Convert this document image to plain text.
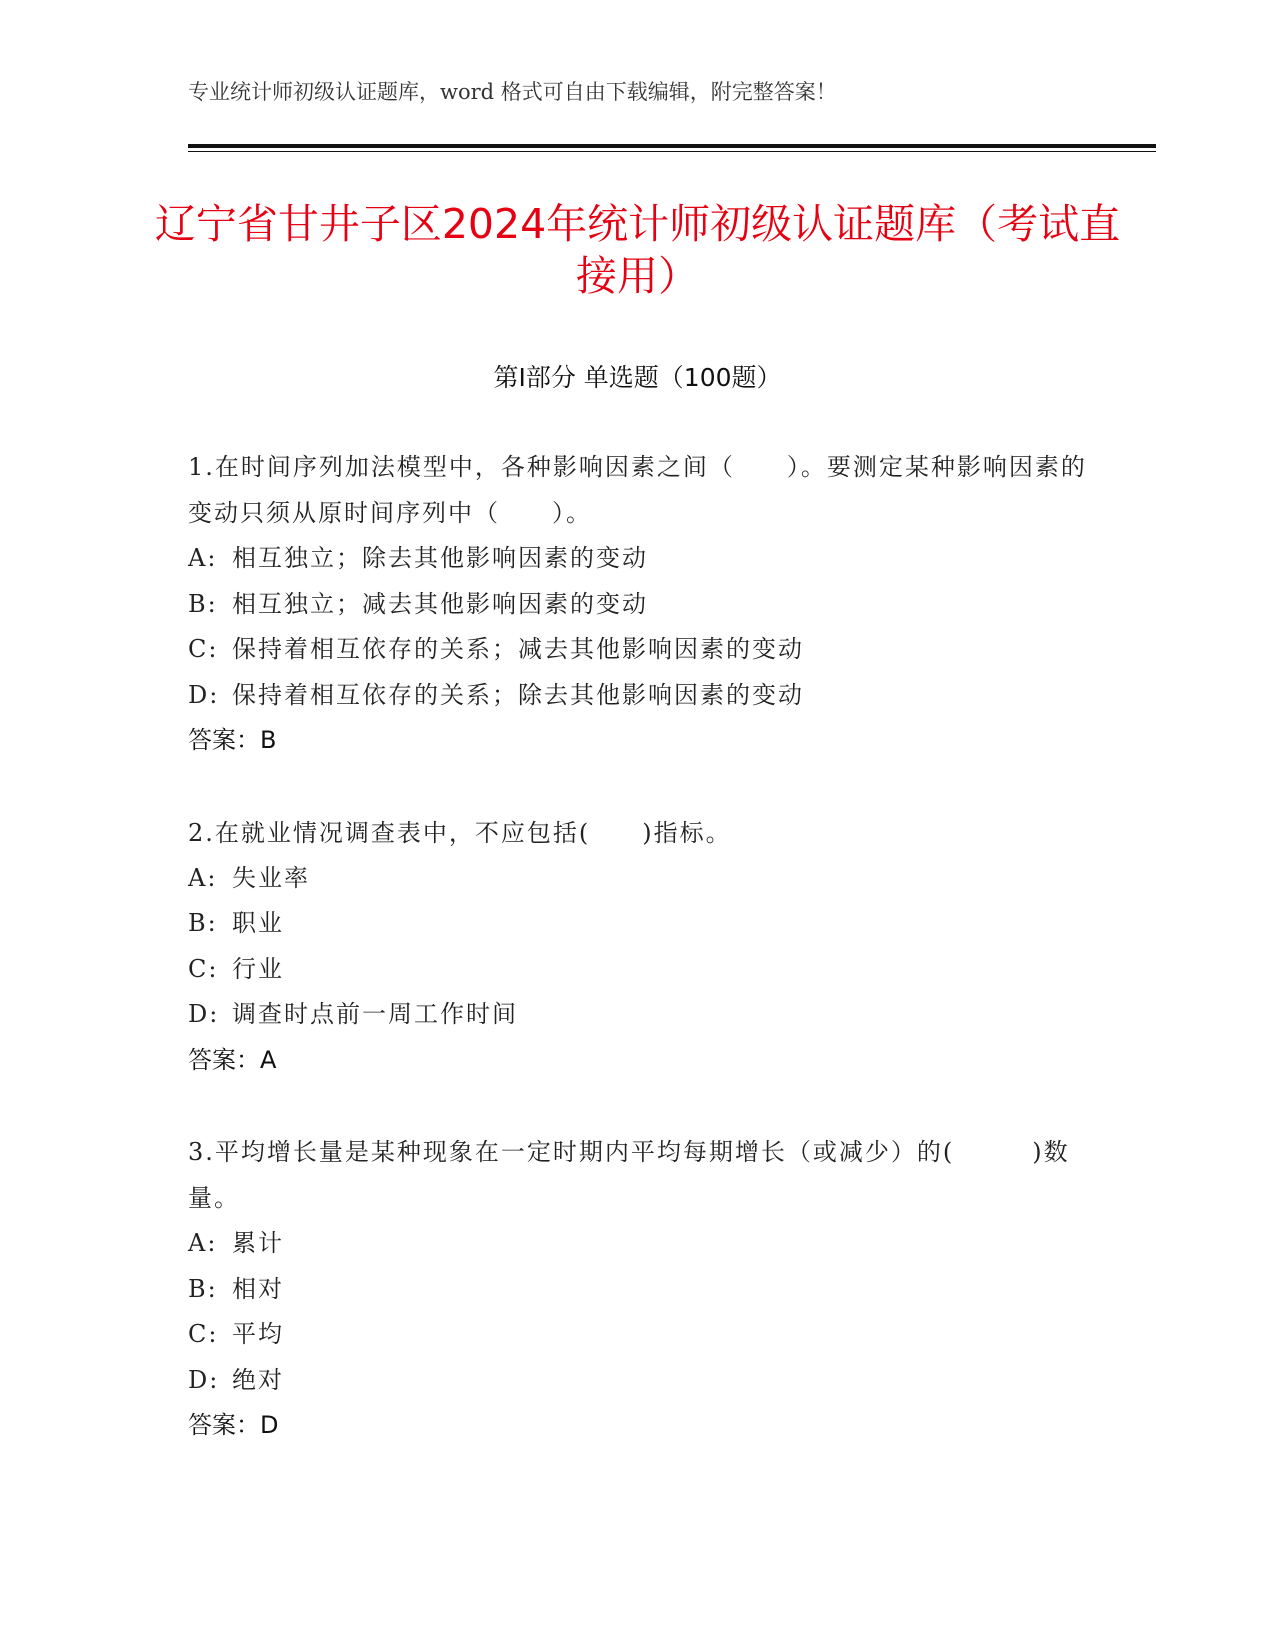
专业统计师初级认证题库，word 格式可自由下载编辑，附完整答案！
辽宁省甘井子区2024年统计师初级认证题库（考试直接用）
第Ⅰ部分 单选题（100题）
1.在时间序列加法模型中，各种影响因素之间（　　）。要测定某种影响因素的变动只须从原时间序列中（　　）。
A: 相互独立；除去其他影响因素的变动
B: 相互独立；减去其他影响因素的变动
C: 保持着相互依存的关系；减去其他影响因素的变动
D: 保持着相互依存的关系；除去其他影响因素的变动
答案：B
2.在就业情况调查表中，不应包括(　　)指标。
A: 失业率
B: 职业
C: 行业
D: 调查时点前一周工作时间
答案：A
3.平均增长量是某种现象在一定时期内平均每期增长（或减少）的(　　　)数量。
A: 累计
B: 相对
C: 平均
D: 绝对
答案：D
